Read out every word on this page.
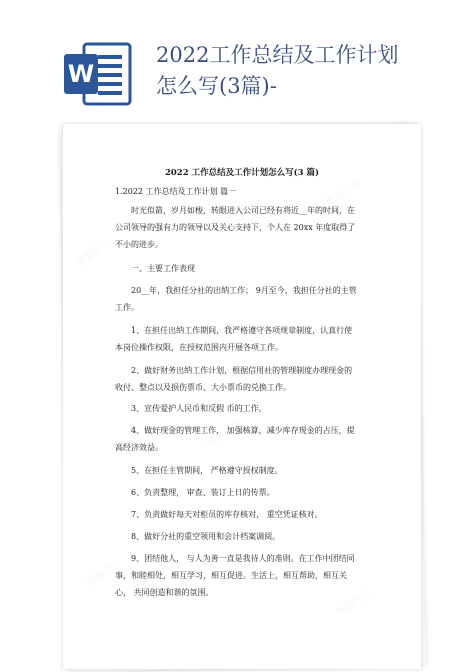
W
2022工作总结及工作计划
怎么写(3篇)-
熊猫办公
熊猫办公
熊猫办公
熊猫办公
熊猫办公
2022 工作总结及工作计划怎么写(3 篇)
1.2022 工作总结及工作计划 篇一
时光似箭，岁月如梭，转眼进入公司已经有将近__年的时间，在
公司领导的强有力的领导以及关心支持下，个人在 20xx 年度取得了
不小的进步。
一、主要工作表现
20__年，我担任分社的出纳工作； 9月至今，我担任分社的主管
工作。
1、在担任出纳工作期间，我严格遵守各项规章制度，认真行使
本岗位操作权限，在授权范围内开展各项工作。
2、做好财务出纳工作计划，根据信用社的管理制度办理现金的
收付、整点以及损伤票币、大小票币的兑换工作。
3、宣传爱护人民币和反假 币的工作。
4、做好现金的管理工作， 加强核算，减少库存现金的占压，提
高经济效益。
5、在担任主管期间， 严格遵守授权制度。
6、负责整理， 审查、装订上日的传票。
7、负责做好每天对柜员的库存核对， 重空凭证核对。
8、做好分社的重空领用和会计档案调阅。
9、团结他人， 与人为善一直是我待人的准则。在工作中团结同
事，和睦相处，相互学习，相互促进。生活上，相互帮助，相互关
心， 共同创造和谐的氛围。
